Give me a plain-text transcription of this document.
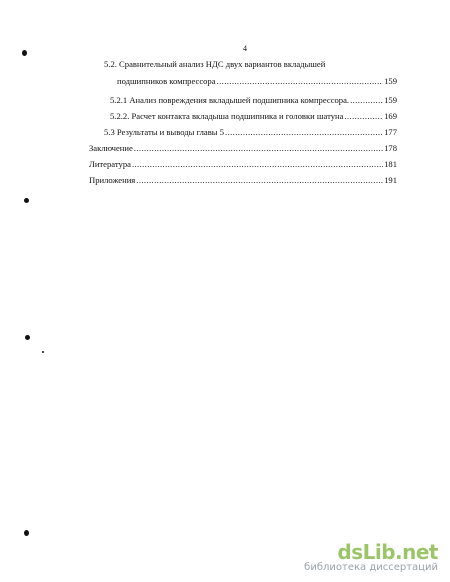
4
5.2. Сравнительный анализ НДС двух вариантов вкладышей
подшипников компрессора .....	159
5.2.1 Анализ повреждения вкладышей подшипника компрессора. .....	159
5.2.2. Расчет контакта вкладыша подшипника и головки шатуна .....	169
5.3 Результаты и выводы главы 5 .....	177
Заключение .....	178
Литература .....	181
Приложения .....	191
dsLib.net
библиотека диссертаций
